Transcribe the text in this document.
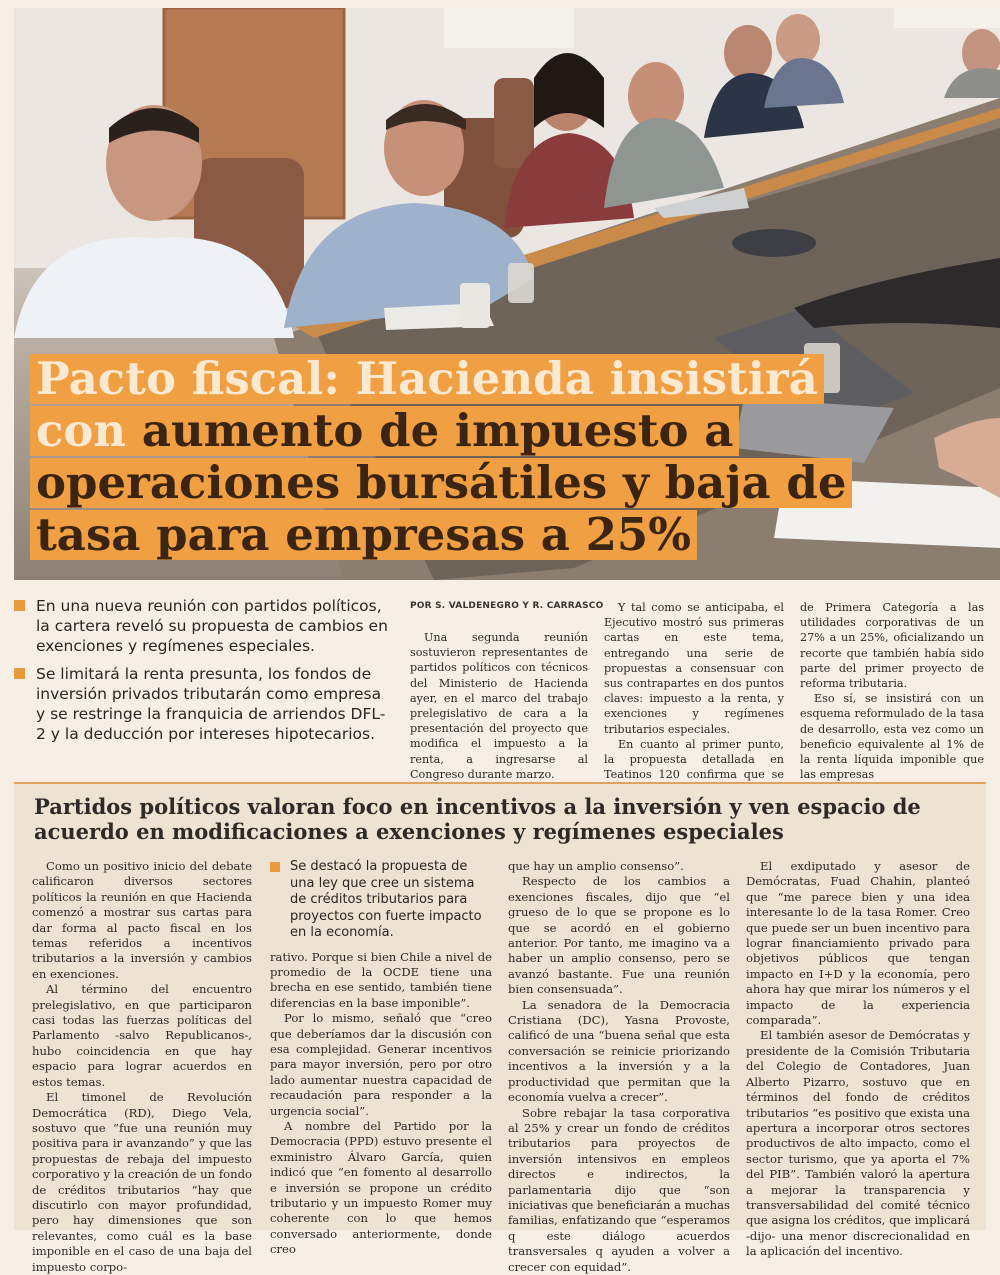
Pacto fiscal: Hacienda insistirá
con aumento de impuesto a
operaciones bursátiles y baja de
tasa para empresas a 25%
En una nueva reunión con partidos políticos, la cartera reveló su propuesta de cambios en exenciones y regímenes especiales.
Se limitará la renta presunta, los fondos de inversión privados tributarán como empresa y se restringe la franquicia de arriendos DFL-2 y la deducción por intereses hipotecarios.
POR S. VALDENEGRO Y R. CARRASCO

Una segunda reunión sostuvieron representantes de partidos políticos con técnicos del Ministerio de Hacienda ayer, en el marco del trabajo prelegislativo de cara a la presentación del proyecto que modifica el impuesto a la renta, a ingresarse al Congreso durante marzo.

Y tal como se anticipaba, el Ejecutivo mostró sus primeras cartas en este tema, entregando una serie de propuestas a consensuar con sus contrapartes en dos puntos claves: impuesto a la renta, y exenciones y regímenes tributarios especiales.

En cuanto al primer punto, la propuesta detallada en Teatinos 120 confirma que se

de Primera Categoría a las utilidades corporativas de un 27% a un 25%, oficializando un recorte que también había sido parte del primer proyecto de reforma tributaria.

Eso sí, se insistirá con un esquema reformulado de la tasa de desarrollo, esta vez como un beneficio equivalente al 1% de la renta líquida imponible que las empresas

Partidos políticos valoran foco en incentivos a la inversión y ven espacio de acuerdo en modificaciones a exenciones y regímenes especiales

Como un positivo inicio del debate calificaron diversos sectores políticos la reunión en que Hacienda comenzó a mostrar sus cartas para dar forma al pacto fiscal en los temas referidos a incentivos tributarios a la inversión y cambios en exenciones.

Al término del encuentro prelegislativo, en que participaron casi todas las fuerzas políticas del Parlamento -salvo Republicanos-, hubo coincidencia en que hay espacio para lograr acuerdos en estos temas.

El timonel de Revolución Democrática (RD), Diego Vela, sostuvo que “fue una reunión muy positiva para ir avanzando” y que las propuestas de rebaja del impuesto corporativo y la creación de un fondo de créditos tributarios “hay que discutirlo con mayor profundidad, pero hay dimensiones que son relevantes, como cuál es la base imponible en el caso de una baja del impuesto corpo-

Se destacó la propuesta de una ley que cree un sistema de créditos tributarios para proyectos con fuerte impacto en la economía.

rativo. Porque si bien Chile a nivel de promedio de la OCDE tiene una brecha en ese sentido, también tiene diferencias en la base imponible”.

Por lo mismo, señaló que “creo que deberíamos dar la discusión con esa complejidad. Generar incentivos para mayor inversión, pero por otro lado aumentar nuestra capacidad de recaudación para responder a la urgencia social”.

A nombre del Partido por la Democracia (PPD) estuvo presente el exministro Álvaro García, quien indicó que “en fomento al desarrollo e inversión se propone un crédito tributario y un impuesto Romer muy coherente con lo que hemos conversado anteriormente, donde creo

que hay un amplio consenso”.

Respecto de los cambios a exenciones fiscales, dijo que “el grueso de lo que se propone es lo que se acordó en el gobierno anterior. Por tanto, me imagino va a haber un amplio consenso, pero se avanzó bastante. Fue una reunión bien consensuada”.

La senadora de la Democracia Cristiana (DC), Yasna Provoste, calificó de una “buena señal que esta conversación se reinicie priorizando incentivos a la inversión y a la productividad que permitan que la economía vuelva a crecer”.

Sobre rebajar la tasa corporativa al 25% y crear un fondo de créditos tributarios para proyectos de inversión intensivos en empleos directos e indirectos, la parlamentaria dijo que “son iniciativas que beneficiarán a muchas familias, enfatizando que “esperamos q este diálogo acuerdos transversales q ayuden a volver a crecer con equidad”.

El exdiputado y asesor de Demócratas, Fuad Chahin, planteó que “me parece bien y una idea interesante lo de la tasa Romer. Creo que puede ser un buen incentivo para lograr financiamiento privado para objetivos públicos que tengan impacto en I+D y la economía, pero ahora hay que mirar los números y el impacto de la experiencia comparada”.

El también asesor de Demócratas y presidente de la Comisión Tributaria del Colegio de Contadores, Juan Alberto Pizarro, sostuvo que en términos del fondo de créditos tributarios “es positivo que exista una apertura a incorporar otros sectores productivos de alto impacto, como el sector turismo, que ya aporta el 7% del PIB”. También valoró la apertura a mejorar la transparencia y transversabilidad del comité técnico que asigna los créditos, que implicará -dijo- una menor discrecionalidad en la aplicación del incentivo.
